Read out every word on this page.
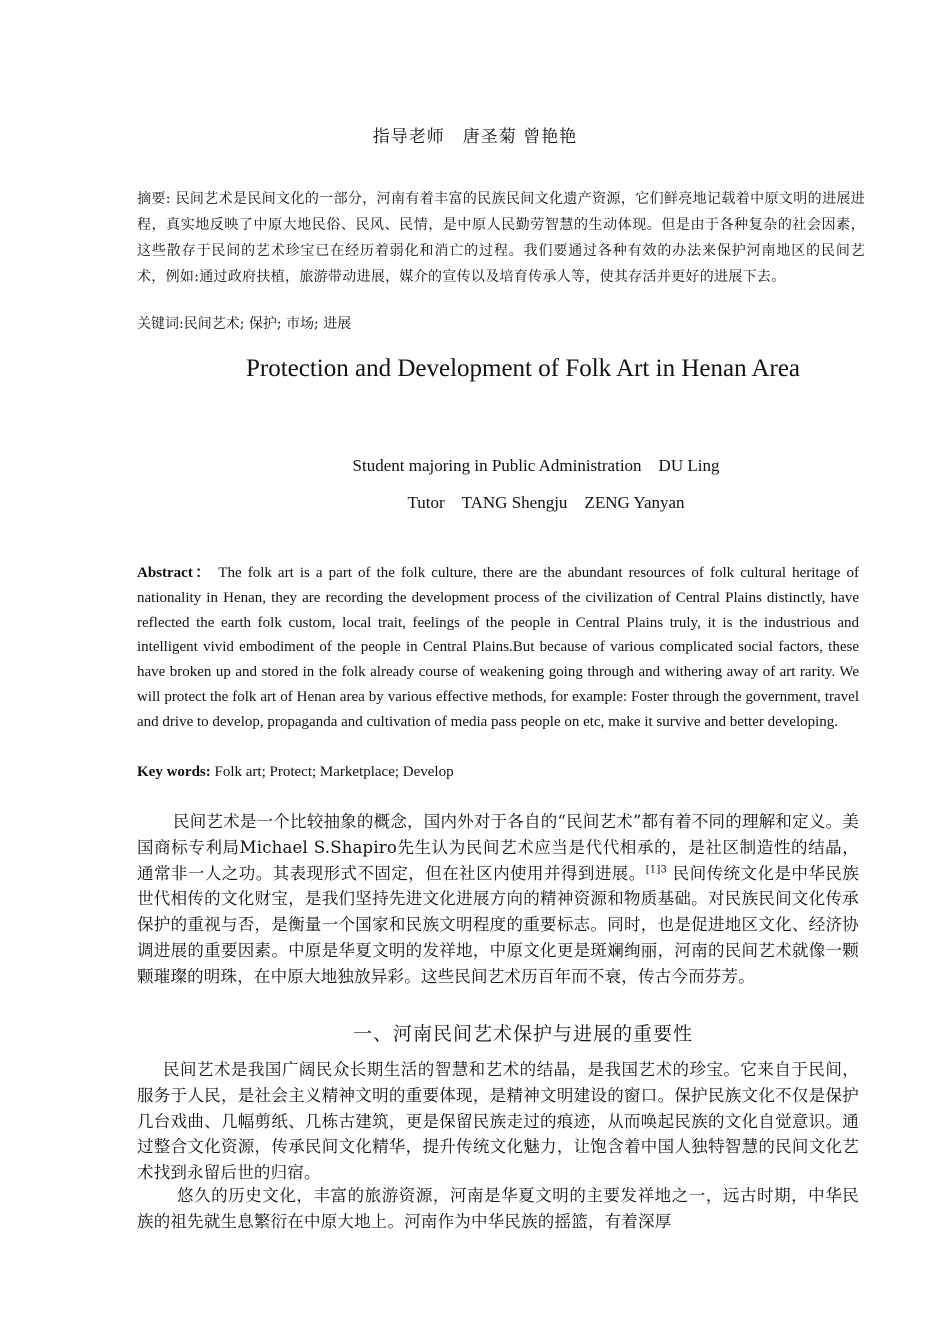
指导老师　唐圣菊 曾艳艳
摘要: 民间艺术是民间文化的一部分，河南有着丰富的民族民间文化遗产资源，它们鲜亮地记载着中原文明的进展进程，真实地反映了中原大地民俗、民风、民情，是中原人民勤劳智慧的生动体现。但是由于各种复杂的社会因素，这些散存于民间的艺术珍宝已在经历着弱化和消亡的过程。我们要通过各种有效的办法来保护河南地区的民间艺术，例如:通过政府扶植，旅游带动进展，媒介的宣传以及培育传承人等，使其存活并更好的进展下去。
关键词:民间艺术; 保护; 市场; 进展
Protection and Development of Folk Art in Henan Area
Student majoring in Public Administration　DU Ling
Tutor　TANG Shengju　ZENG Yanyan
Abstract： The folk art is a part of the folk culture, there are the abundant resources of folk cultural heritage of nationality in Henan, they are recording the development process of the civilization of Central Plains distinctly, have reflected the earth folk custom, local trait, feelings of the people in Central Plains truly, it is the industrious and intelligent vivid embodiment of the people in Central Plains.But because of various complicated social factors, these have broken up and stored in the folk already course of weakening going through and withering away of art rarity. We will protect the folk art of Henan area by various effective methods, for example: Foster through the government, travel and drive to develop, propaganda and cultivation of media pass people on etc, make it survive and better developing.
Key words: Folk art; Protect; Marketplace; Develop
民间艺术是一个比较抽象的概念，国内外对于各自的“民间艺术”都有着不同的理解和定义。美国商标专利局Michael S.Shapiro先生认为民间艺术应当是代代相承的，是社区制造性的结晶，通常非一人之功。其表现形式不固定，但在社区内使用并得到进展。$^{[1]3}$ 民间传统文化是中华民族世代相传的文化财宝，是我们坚持先进文化进展方向的精神资源和物质基础。对民族民间文化传承保护的重视与否，是衡量一个国家和民族文明程度的重要标志。同时，也是促进地区文化、经济协调进展的重要因素。中原是华夏文明的发祥地，中原文化更是斑斓绚丽，河南的民间艺术就像一颗颗璀璨的明珠，在中原大地独放异彩。这些民间艺术历百年而不衰，传古今而芬芳。
一、河南民间艺术保护与进展的重要性
民间艺术是我国广阔民众长期生活的智慧和艺术的结晶，是我国艺术的珍宝。它来自于民间，服务于人民，是社会主义精神文明的重要体现，是精神文明建设的窗口。保护民族文化不仅是保护几台戏曲、几幅剪纸、几栋古建筑，更是保留民族走过的痕迹，从而唤起民族的文化自觉意识。通过整合文化资源，传承民间文化精华，提升传统文化魅力，让饱含着中国人独特智慧的民间文化艺术找到永留后世的归宿。
悠久的历史文化，丰富的旅游资源，河南是华夏文明的主要发祥地之一，远古时期，中华民族的祖先就生息繁衍在中原大地上。河南作为中华民族的摇篮，有着深厚
